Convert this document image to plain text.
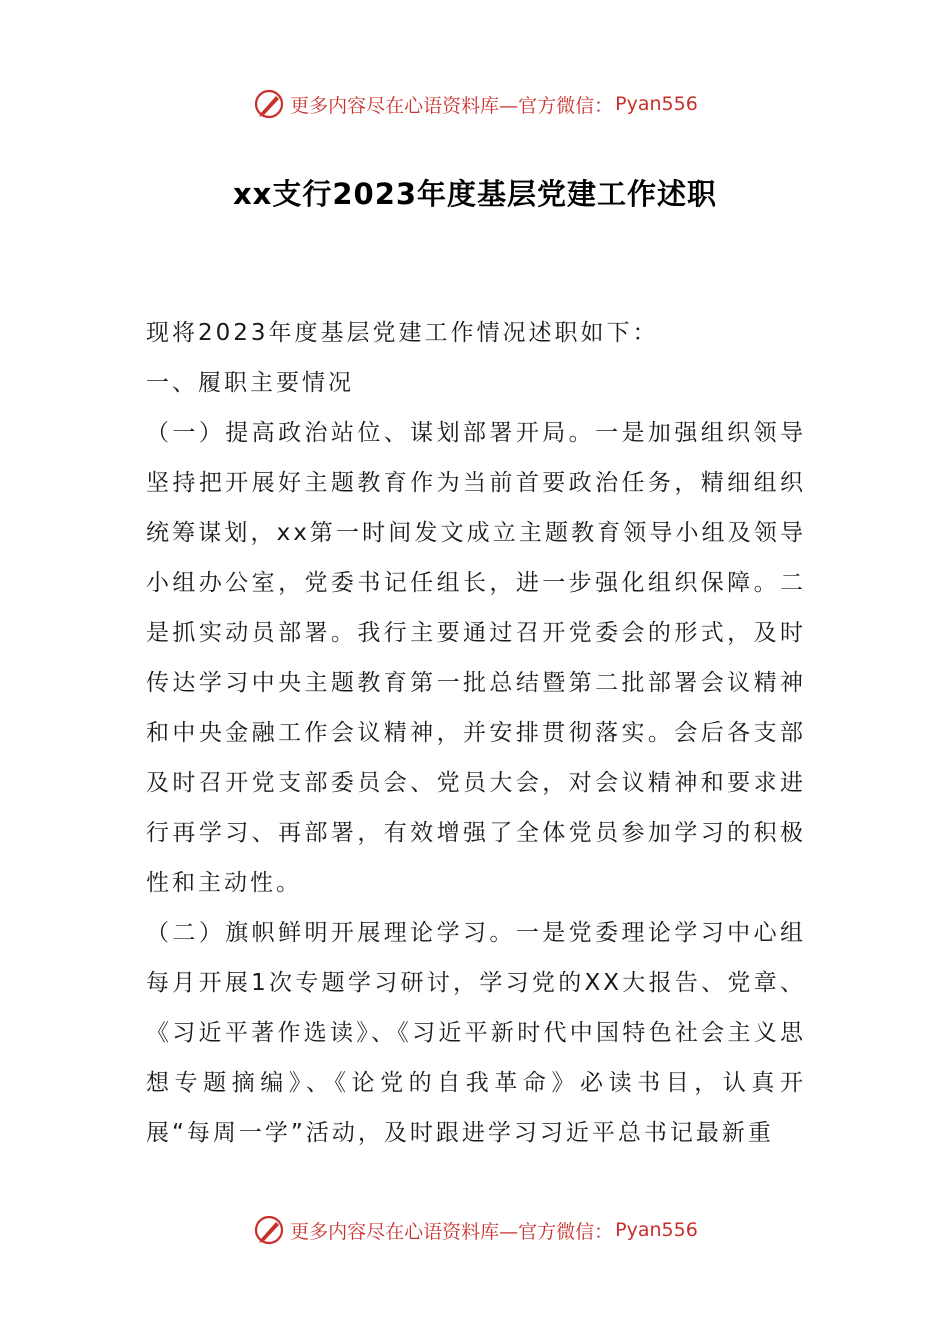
更多内容尽在心语资料库—官方微信： Pyan556
xx支行2023年度基层党建工作述职

现将2023年度基层党建工作情况述职如下：

一、履职主要情况

（一）提高政治站位、谋划部署开局。一是加强组织领导坚持把开展好主题教育作为当前首要政治任务，精细组织统筹谋划，xx第一时间发文成立主题教育领导小组及领导小组办公室，党委书记任组长，进一步强化组织保障。二是抓实动员部署。我行主要通过召开党委会的形式，及时传达学习中央主题教育第一批总结暨第二批部署会议精神和中央金融工作会议精神，并安排贯彻落实。会后各支部及时召开党支部委员会、党员大会，对会议精神和要求进行再学习、再部署，有效增强了全体党员参加学习的积极性和主动性。

（二）旗帜鲜明开展理论学习。一是党委理论学习中心组每月开展1次专题学习研讨，学习党的XX大报告、党章、《习近平著作选读》、《习近平新时代中国特色社会主义思想专题摘编》、《论党的自我革命》必读书目，认真开展“每周一学”活动，及时跟进学习习近平总书记最新重

更多内容尽在心语资料库—官方微信： Pyan556
